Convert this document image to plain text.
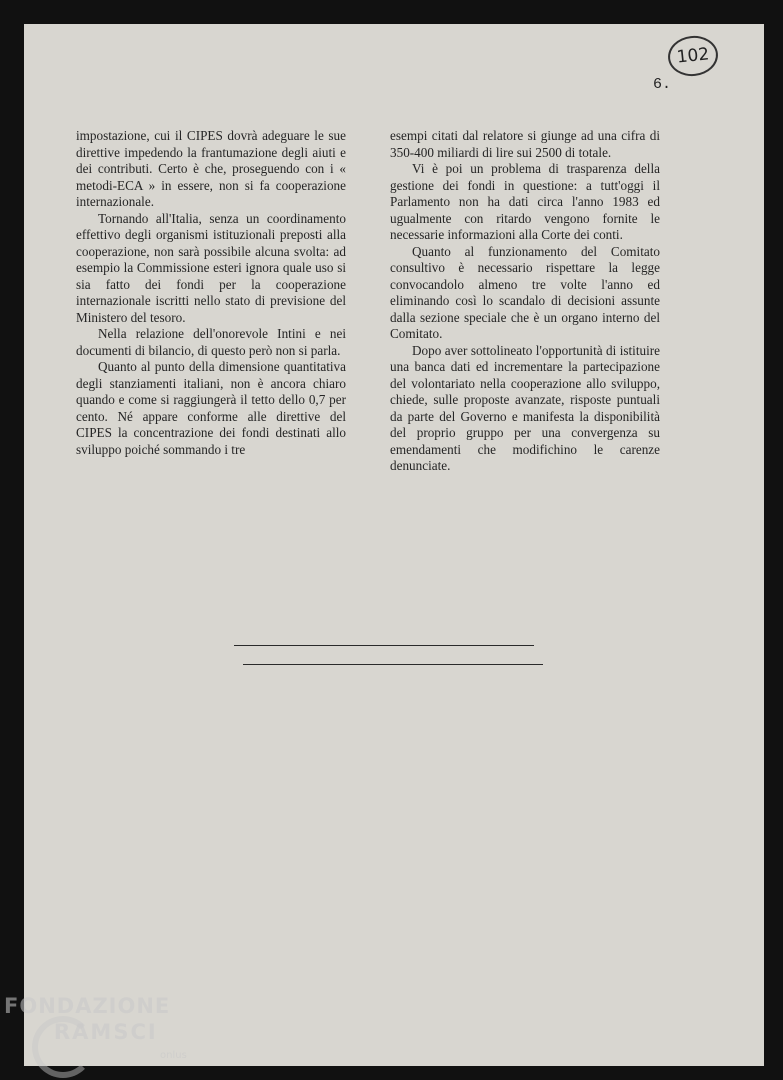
102
6.

impostazione, cui il CIPES dovrà adeguare le sue direttive impedendo la frantumazione degli aiuti e dei contributi. Certo è che, proseguendo con i « metodi-ECA » in essere, non si fa cooperazione internazionale.

Tornando all'Italia, senza un coordinamento effettivo degli organismi istituzionali preposti alla cooperazione, non sarà possibile alcuna svolta: ad esempio la Commissione esteri ignora quale uso si sia fatto dei fondi per la cooperazione internazionale iscritti nello stato di previsione del Ministero del tesoro.

Nella relazione dell'onorevole Intini e nei documenti di bilancio, di questo però non si parla.

Quanto al punto della dimensione quantitativa degli stanziamenti italiani, non è ancora chiaro quando e come si raggiungerà il tetto dello 0,7 per cento. Né appare conforme alle direttive del CIPES la concentrazione dei fondi destinati allo sviluppo poiché sommando i tre

esempi citati dal relatore si giunge ad una cifra di 350-400 miliardi di lire sui 2500 di totale.

Vi è poi un problema di trasparenza della gestione dei fondi in questione: a tutt'oggi il Parlamento non ha dati circa l'anno 1983 ed ugualmente con ritardo vengono fornite le necessarie informazioni alla Corte dei conti.

Quanto al funzionamento del Comitato consultivo è necessario rispettare la legge convocandolo almeno tre volte l'anno ed eliminando così lo scandalo di decisioni assunte dalla sezione speciale che è un organo interno del Comitato.

Dopo aver sottolineato l'opportunità di istituire una banca dati ed incrementare la partecipazione del volontariato nella cooperazione allo sviluppo, chiede, sulle proposte avanzate, risposte puntuali da parte del Governo e manifesta la disponibilità del proprio gruppo per una convergenza su emendamenti che modifichino le carenze denunciate.

FONDAZIONE
RAMSCI
onlus
